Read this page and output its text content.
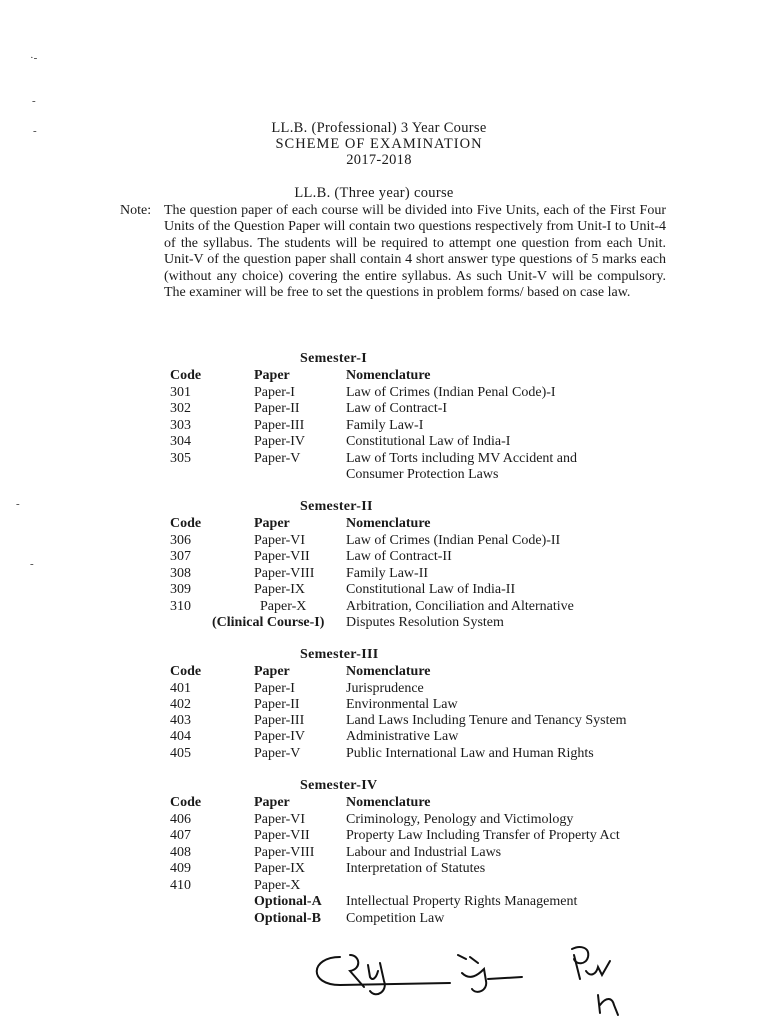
·-
-
-
-
-
LL.B. (Professional) 3 Year Course
SCHEME OF EXAMINATION
2017-2018
LL.B. (Three year) course
Note: The question paper of each course will be divided into Five Units, each of the First Four Units of the Question Paper will contain two questions respectively from Unit-I to Unit-4 of the syllabus. The students will be required to attempt one question from each Unit. Unit-V of the question paper shall contain 4 short answer type questions of 5 marks each (without any choice) covering the entire syllabus. As such Unit-V will be compulsory. The examiner will be free to set the questions in problem forms/ based on case law.
Semester-I
Code	Paper	Nomenclature
301	Paper-I	Law of Crimes (Indian Penal Code)-I
302	Paper-II	Law of Contract-I
303	Paper-III	Family Law-I
304	Paper-IV	Constitutional Law of India-I
305	Paper-V	Law of Torts including MV Accident and
Consumer Protection Laws
Semester-II
Code	Paper	Nomenclature
306	Paper-VI	Law of Crimes (Indian Penal Code)-II
307	Paper-VII	Law of Contract-II
308	Paper-VIII Family Law-II
309	Paper-IX	Constitutional Law of India-II
310	Paper-X	Arbitration, Conciliation and Alternative
(Clinical Course-I) Disputes Resolution System
Semester-III
Code	Paper	Nomenclature
401	Paper-I	Jurisprudence
402	Paper-II	Environmental Law
403	Paper-III	Land Laws Including Tenure and Tenancy System
404	Paper-IV	Administrative Law
405	Paper-V	Public International Law and Human Rights
Semester-IV
Code	Paper	Nomenclature
406	Paper-VI	Criminology, Penology and Victimology
407	Paper-VII	Property Law Including Transfer of Property Act
408	Paper-VIII Labour and Industrial Laws
409	Paper-IX	Interpretation of Statutes
410	Paper-X
Optional-A Intellectual Property Rights Management
Optional-B Competition Law
